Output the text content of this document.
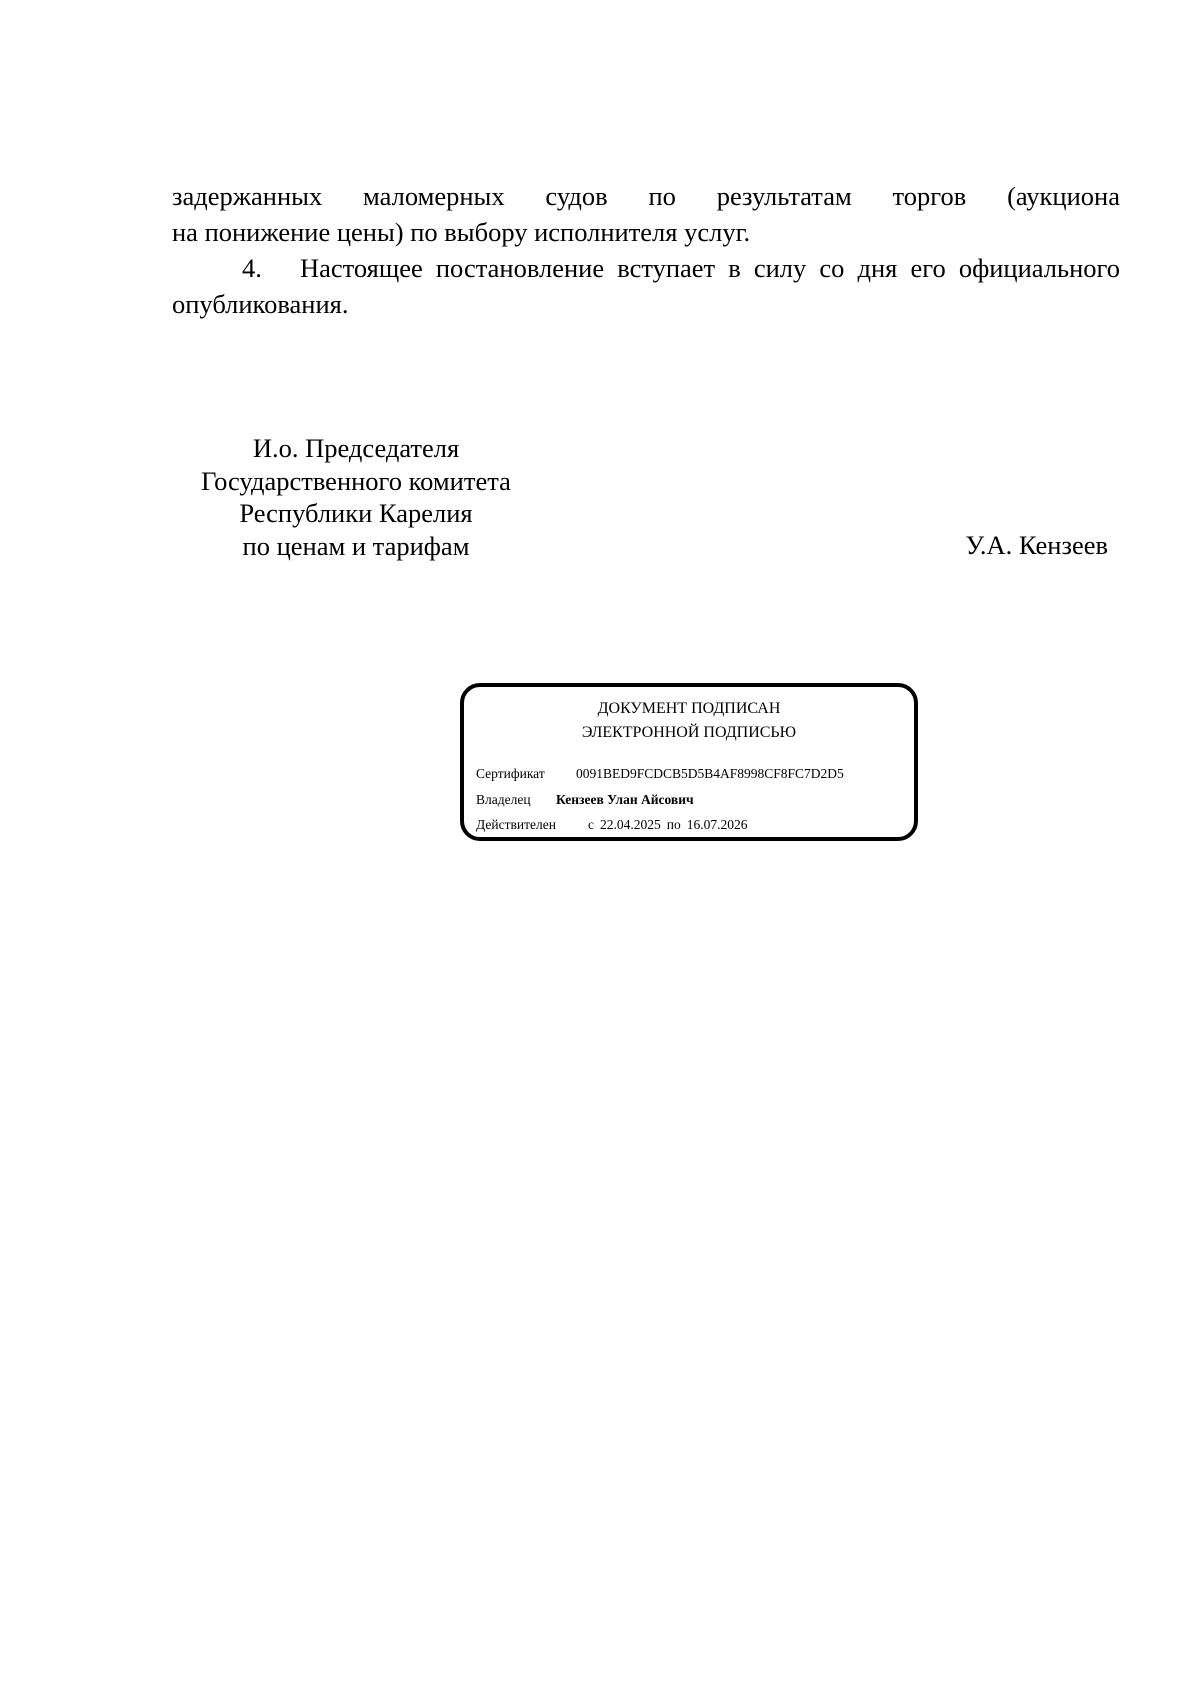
задержанных маломерных судов по результатам торгов (аукциона
на понижение цены) по выбору исполнителя услуг.
4. Настоящее постановление вступает в силу со дня его официального
опубликования.
И.о. Председателя
Государственного комитета
Республики Карелия
по ценам и тарифам	У.А. Кензеев
ДОКУМЕНТ ПОДПИСАН
ЭЛЕКТРОННОЙ ПОДПИСЬЮ
Сертификат 0091BED9FCDCB5D5B4AF8998CF8FC7D2D5
Владелец Кензеев Улан Айсович
Действителен с 22.04.2025 по 16.07.2026
